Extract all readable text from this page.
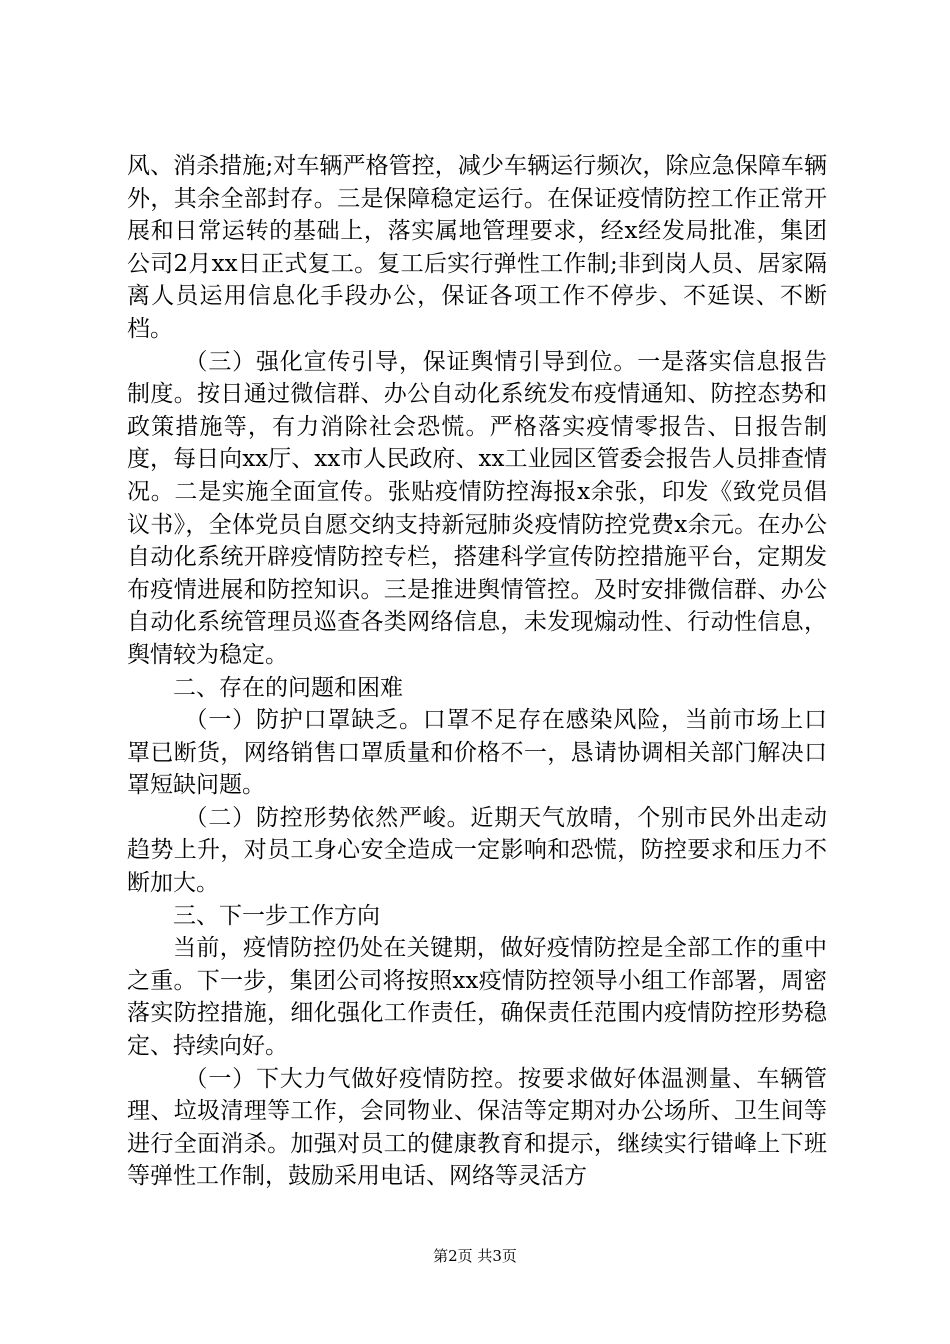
风、消杀措施;对车辆严格管控，减少车辆运行频次，除应急保障车辆外，其余全部封存。三是保障稳定运行。在保证疫情防控工作正常开展和日常运转的基础上，落实属地管理要求，经x经发局批准，集团公司2月xx日正式复工。复工后实行弹性工作制;非到岗人员、居家隔离人员运用信息化手段办公，保证各项工作不停步、不延误、不断档。

（三）强化宣传引导，保证舆情引导到位。一是落实信息报告制度。按日通过微信群、办公自动化系统发布疫情通知、防控态势和政策措施等，有力消除社会恐慌。严格落实疫情零报告、日报告制度，每日向xx厅、xx市人民政府、xx工业园区管委会报告人员排查情况。二是实施全面宣传。张贴疫情防控海报x余张，印发《致党员倡议书》，全体党员自愿交纳支持新冠肺炎疫情防控党费x余元。在办公自动化系统开辟疫情防控专栏，搭建科学宣传防控措施平台，定期发布疫情进展和防控知识。三是推进舆情管控。及时安排微信群、办公自动化系统管理员巡查各类网络信息，未发现煽动性、行动性信息，舆情较为稳定。

二、存在的问题和困难

（一）防护口罩缺乏。口罩不足存在感染风险，当前市场上口罩已断货，网络销售口罩质量和价格不一，恳请协调相关部门解决口罩短缺问题。

（二）防控形势依然严峻。近期天气放晴，个别市民外出走动趋势上升，对员工身心安全造成一定影响和恐慌，防控要求和压力不断加大。

三、下一步工作方向

当前，疫情防控仍处在关键期，做好疫情防控是全部工作的重中之重。下一步，集团公司将按照xx疫情防控领导小组工作部署，周密落实防控措施，细化强化工作责任，确保责任范围内疫情防控形势稳定、持续向好。

（一）下大力气做好疫情防控。按要求做好体温测量、车辆管理、垃圾清理等工作，会同物业、保洁等定期对办公场所、卫生间等进行全面消杀。加强对员工的健康教育和提示，继续实行错峰上下班等弹性工作制，鼓励采用电话、网络等灵活方

第2页 共3页
